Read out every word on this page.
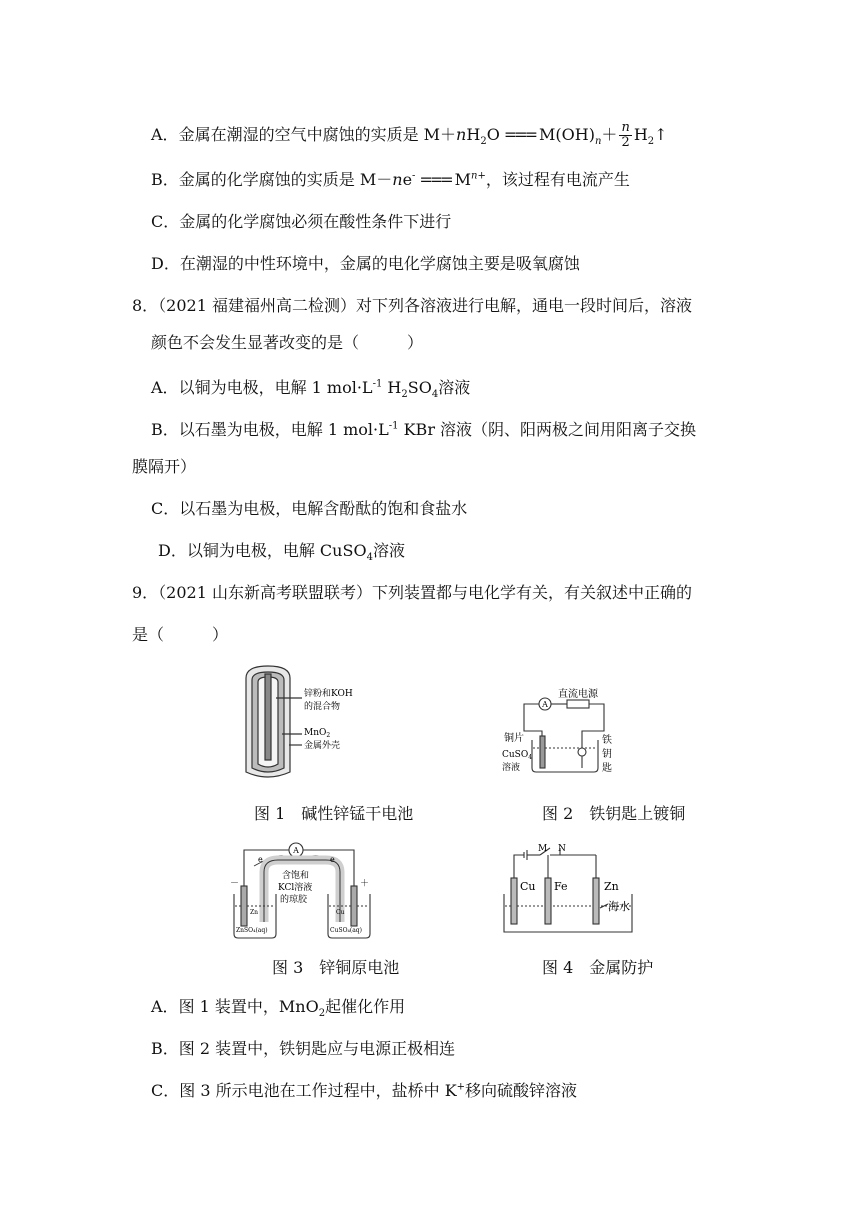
A．金属在潮湿的空气中腐蚀的实质是 $M+nH_2O$ === $M(OH)_n+ \frac{n}{2}$ $H_2↑$
B．金属的化学腐蚀的实质是 M－ne- === $M^{n+}$，该过程有电流产生
C．金属的化学腐蚀必须在酸性条件下进行
D．在潮湿的中性环境中，金属的电化学腐蚀主要是吸氧腐蚀
8．（2021 福建福州高二检测）对下列各溶液进行电解，通电一段时间后，溶液
颜色不会发生显著改变的是（　　　）
A．以铜为电极，电解 1 $mol\cdot L^{-1}$ $H_2SO_4$溶液
B．以石墨为电极，电解 1 $mol\cdot L^{-1}$ KBr 溶液（阴、阳两极之间用阳离子交换
膜隔开）
C．以石墨为电极，电解含酚酞的饱和食盐水
D．以铜为电极，电解 CuSO$_4$溶液
9．（2021 山东新高考联盟联考）下列装置都与电化学有关，有关叙述中正确的
是（　　　）
锌粉和KOH
的混合物
MnO$_2$
金属外壳
图 1　碱性锌锰干电池
A
直流电源
铜片
CuSO$_4$
溶液
铁
钥
匙
图 2　铁钥匙上镀铜
A
e	e
－	＋
含饱和
KCl溶液
的琼胶
Zn
ZnSO₄(aq)
Cu
CuSO₄(aq)
图 3　锌铜原电池
M N
Cu Fe	Zn
海水
图 4　金属防护
A．图 1 装置中，MnO$_2$起催化作用
B．图 2 装置中，铁钥匙应与电源正极相连
C．图 3 所示电池在工作过程中，盐桥中 K+移向硫酸锌溶液
